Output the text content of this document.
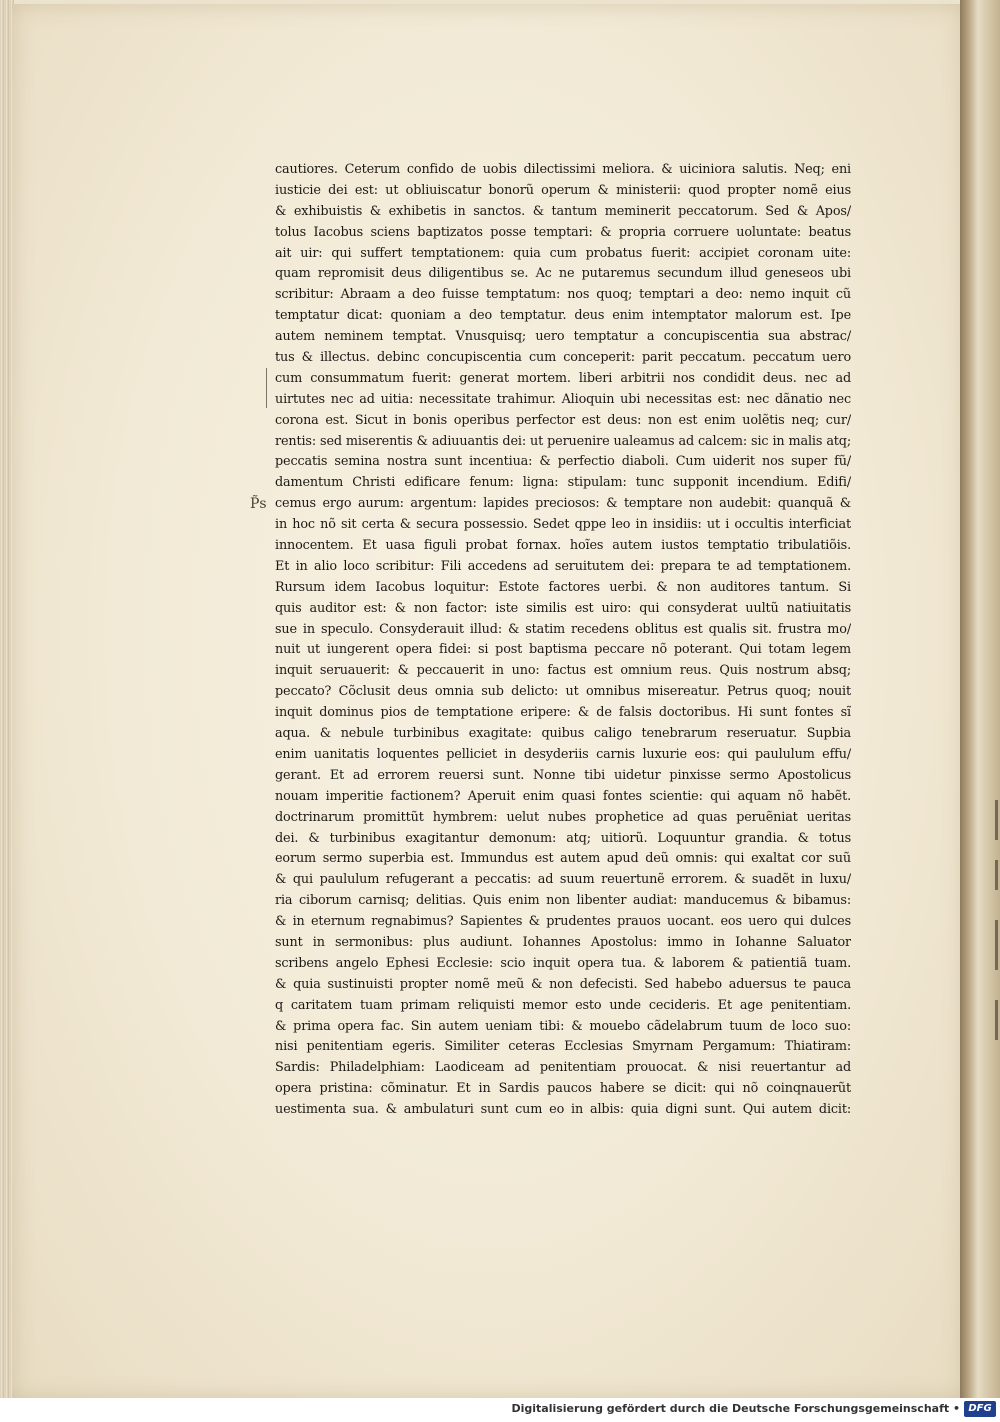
P̃s
cautiores. Ceterum confido de uobis dilectissimi meliora. & uiciniora salutis. Neq; eni
iusticie dei est: ut obliuiscatur bonorũ operum & ministerii: quod propter nomẽ eius
& exhibuistis & exhibetis in sanctos. & tantum meminerit peccatorum. Sed & Apos/
tolus Iacobus sciens baptizatos posse temptari: & propria corruere uoluntate: beatus
ait uir: qui suffert temptationem: quia cum probatus fuerit: accipiet coronam uite:
quam repromisit deus diligentibus se. Ac ne putaremus secundum illud geneseos ubi
scribitur: Abraam a deo fuisse temptatum: nos quoq; temptari a deo: nemo inquit cũ
temptatur dicat: quoniam a deo temptatur. deus enim intemptator malorum est. Ipe
autem neminem temptat. Vnusquisq; uero temptatur a concupiscentia sua abstrac/
tus & illectus. debinc concupiscentia cum conceperit: parit peccatum. peccatum uero
cum consummatum fuerit: generat mortem. liberi arbitrii nos condidit deus. nec ad
uirtutes nec ad uitia: necessitate trahimur. Alioquin ubi necessitas est: nec dãnatio nec
corona est. Sicut in bonis operibus perfector est deus: non est enim uolẽtis neq; cur/
rentis: sed miserentis & adiuuantis dei: ut peruenire ualeamus ad calcem: sic in malis atq;
peccatis semina nostra sunt incentiua: & perfectio diaboli. Cum uiderit nos super fũ/
damentum Christi edificare fenum: ligna: stipulam: tunc supponit incendium. Edifi/
cemus ergo aurum: argentum: lapides preciosos: & temptare non audebit: quanquã &
in hoc nõ sit certa & secura possessio. Sedet qppe leo in insidiis: ut i occultis interficiat
innocentem. Et uasa figuli probat fornax. hoĩes autem iustos temptatio tribulatiõis.
Et in alio loco scribitur: Fili accedens ad seruitutem dei: prepara te ad temptationem.
Rursum idem Iacobus loquitur: Estote factores uerbi. & non auditores tantum. Si
quis auditor est: & non factor: iste similis est uiro: qui consyderat uultũ natiuitatis
sue in speculo. Consyderauit illud: & statim recedens oblitus est qualis sit. frustra mo/
nuit ut iungerent opera fidei: si post baptisma peccare nõ poterant. Qui totam legem
inquit seruauerit: & peccauerit in uno: factus est omnium reus. Quis nostrum absq;
peccato? Cõclusit deus omnia sub delicto: ut omnibus misereatur. Petrus quoq; nouit
inquit dominus pios de temptatione eripere: & de falsis doctoribus. Hi sunt fontes sĩ
aqua. & nebule turbinibus exagitate: quibus caligo tenebrarum reseruatur. Supbia
enim uanitatis loquentes pelliciet in desyderiis carnis luxurie eos: qui paululum effu/
gerant. Et ad errorem reuersi sunt. Nonne tibi uidetur pinxisse sermo Apostolicus
nouam imperitie factionem? Aperuit enim quasi fontes scientie: qui aquam nõ habẽt.
doctrinarum promittũt hymbrem: uelut nubes prophetice ad quas peruẽniat ueritas
dei. & turbinibus exagitantur demonum: atq; uitiorũ. Loquuntur grandia. & totus
eorum sermo superbia est. Immundus est autem apud deũ omnis: qui exaltat cor suũ
& qui paululum refugerant a peccatis: ad suum reuertunẽ errorem. & suadẽt in luxu/
ria ciborum carnisq; delitias. Quis enim non libenter audiat: manducemus & bibamus:
& in eternum regnabimus? Sapientes & prudentes prauos uocant. eos uero qui dulces
sunt in sermonibus: plus audiunt. Iohannes Apostolus: immo in Iohanne Saluator
scribens angelo Ephesi Ecclesie: scio inquit opera tua. & laborem & patientiã tuam.
& quia sustinuisti propter nomẽ meũ & non defecisti. Sed habebo aduersus te pauca
q caritatem tuam primam reliquisti memor esto unde cecideris. Et age penitentiam.
& prima opera fac. Sin autem ueniam tibi: & mouebo cãdelabrum tuum de loco suo:
nisi penitentiam egeris. Similiter ceteras Ecclesias Smyrnam Pergamum: Thiatiram:
Sardis: Philadelphiam: Laodiceam ad penitentiam prouocat. & nisi reuertantur ad
opera pristina: cõminatur. Et in Sardis paucos habere se dicit: qui nõ coinqnauerũt
uestimenta sua. & ambulaturi sunt cum eo in albis: quia digni sunt. Qui autem dicit:
Digitalisierung gefördert durch die Deutsche Forschungsgemeinschaft • DFG
